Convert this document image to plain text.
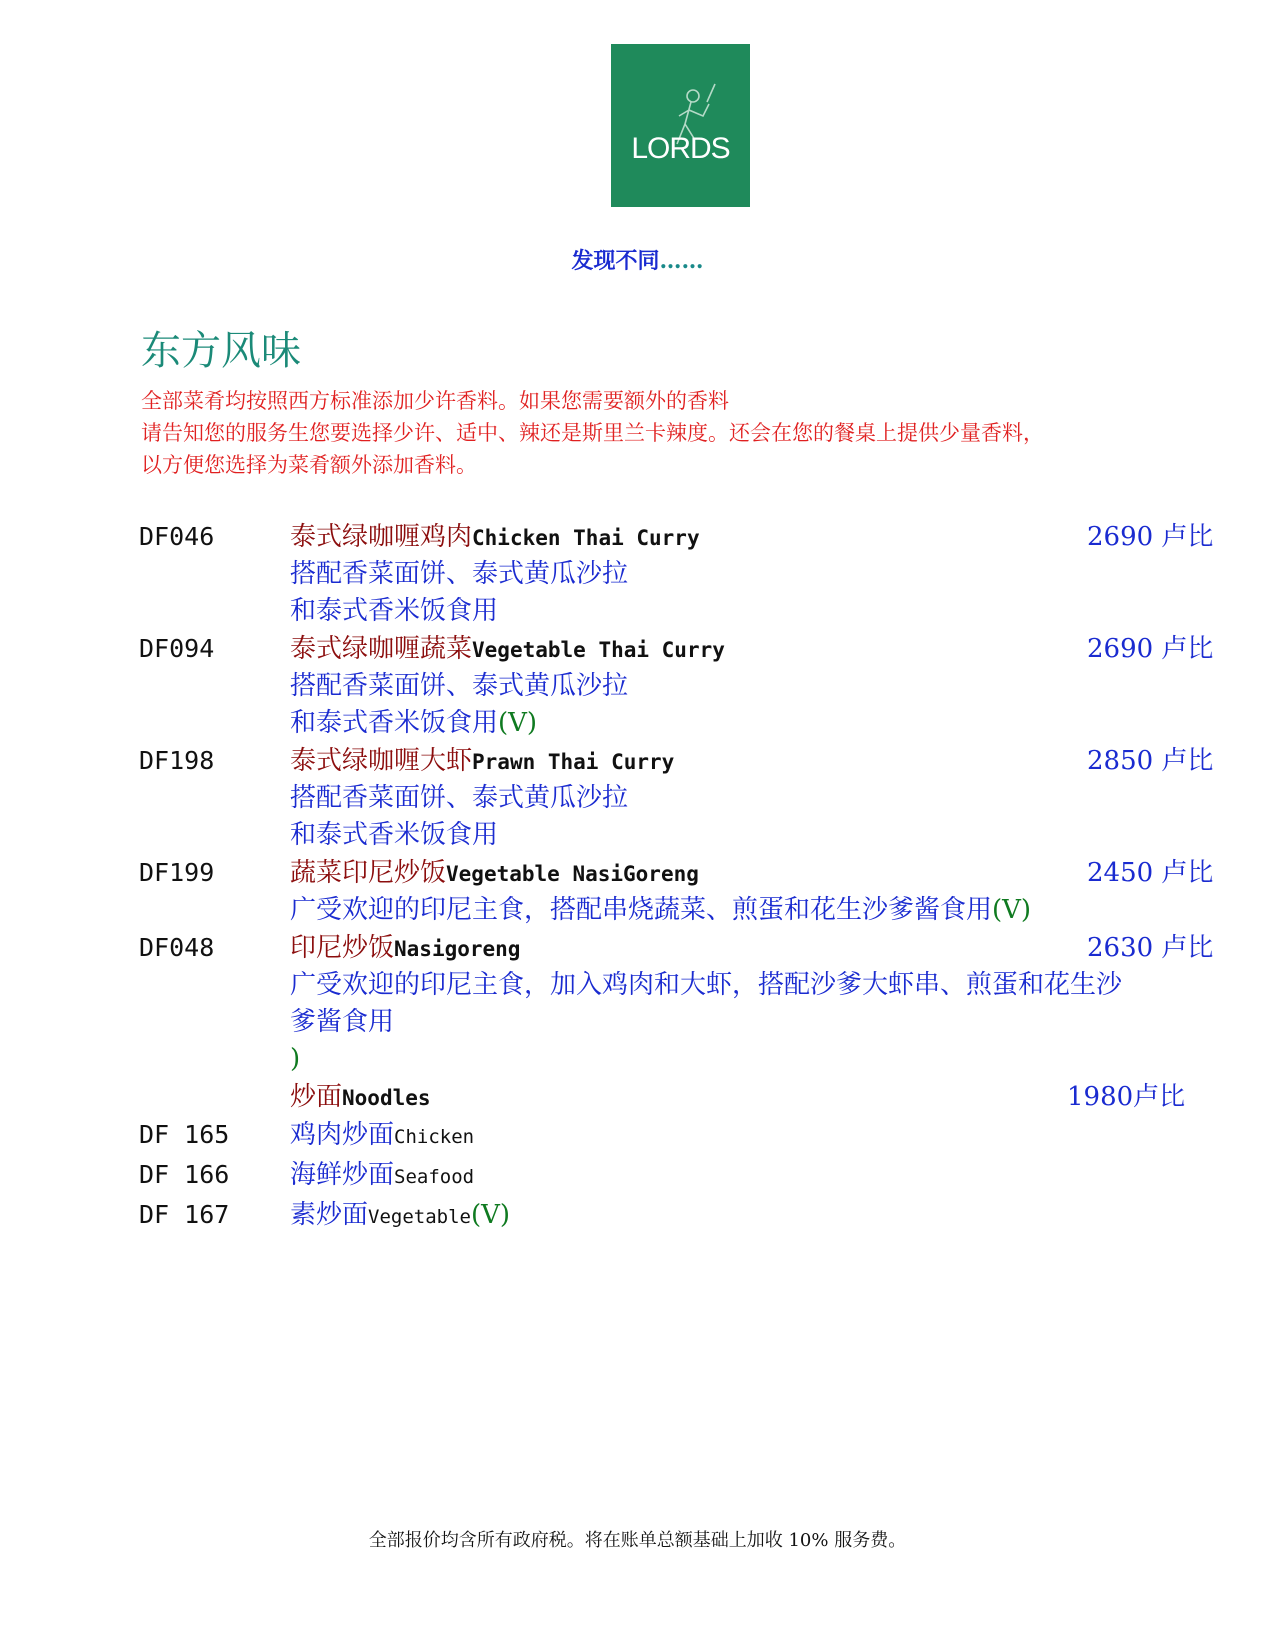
LORDS
发现不同……
东方风味
全部菜肴均按照西方标准添加少许香料。如果您需要额外的香料
请告知您的服务生您要选择少许、适中、辣还是斯里兰卡辣度。还会在您的餐桌上提供少量香料，
以方便您选择为菜肴额外添加香料。
DF046	泰式绿咖喱鸡肉Chicken Thai Curry	2690 卢比
搭配香菜面饼、泰式黄瓜沙拉
和泰式香米饭食用
DF094	泰式绿咖喱蔬菜Vegetable Thai Curry	2690 卢比
搭配香菜面饼、泰式黄瓜沙拉
和泰式香米饭食用(V)
DF198	泰式绿咖喱大虾Prawn Thai Curry	2850 卢比
搭配香菜面饼、泰式黄瓜沙拉
和泰式香米饭食用
DF199	蔬菜印尼炒饭Vegetable NasiGoreng	2450 卢比
广受欢迎的印尼主食，搭配串烧蔬菜、煎蛋和花生沙爹酱食用(V)
DF048	印尼炒饭Nasigoreng	2630 卢比
广受欢迎的印尼主食，加入鸡肉和大虾，搭配沙爹大虾串、煎蛋和花生沙
爹酱食用
)
炒面Noodles	1980卢比
DF 165	鸡肉炒面Chicken
DF 166	海鲜炒面Seafood
DF 167	素炒面Vegetable(V)
全部报价均含所有政府税。将在账单总额基础上加收 10% 服务费。
